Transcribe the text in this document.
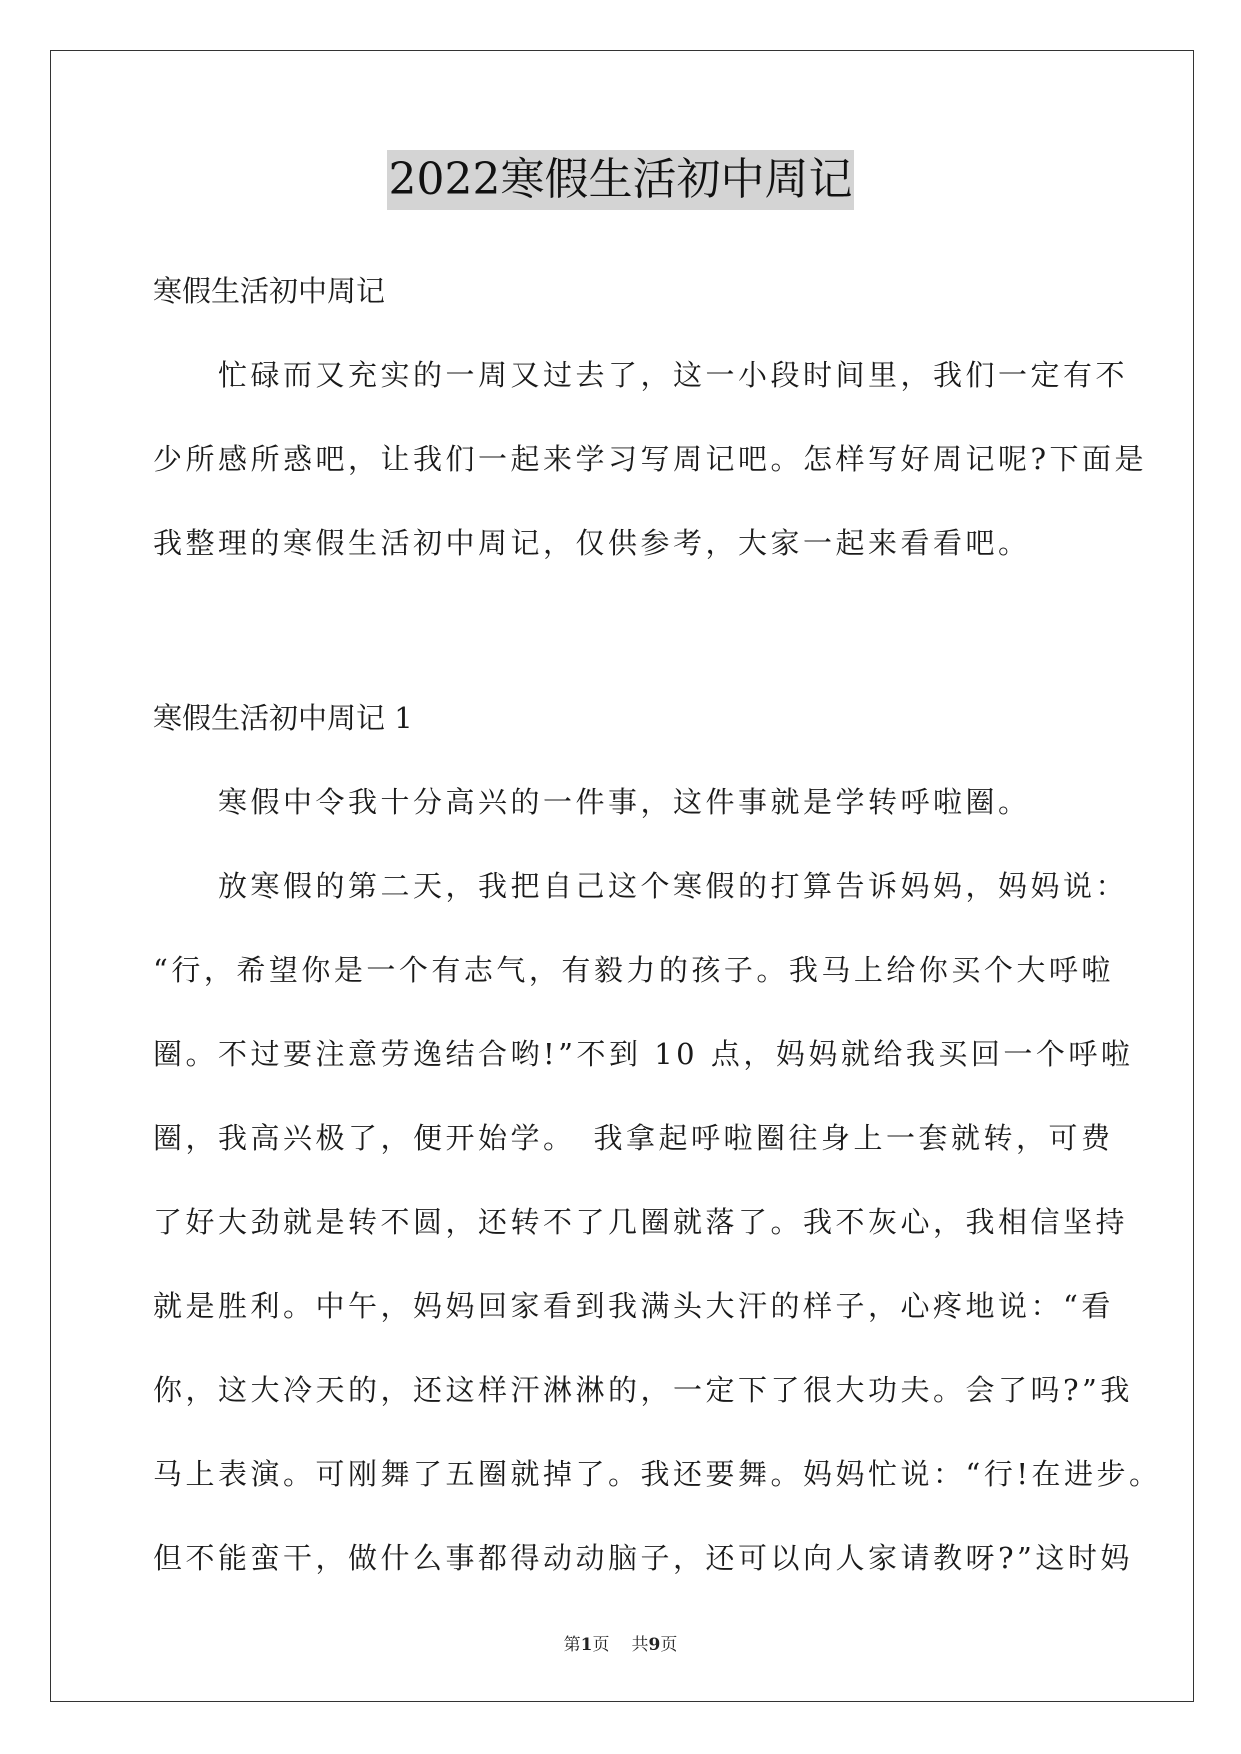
2022寒假生活初中周记
寒假生活初中周记
　　忙碌而又充实的一周又过去了，这一小段时间里，我们一定有不
少所感所惑吧，让我们一起来学习写周记吧。怎样写好周记呢?下面是
我整理的寒假生活初中周记，仅供参考，大家一起来看看吧。
寒假生活初中周记 1
　　寒假中令我十分高兴的一件事，这件事就是学转呼啦圈。
　　放寒假的第二天，我把自己这个寒假的打算告诉妈妈，妈妈说：
“行，希望你是一个有志气，有毅力的孩子。我马上给你买个大呼啦
圈。不过要注意劳逸结合哟!”不到 10 点，妈妈就给我买回一个呼啦
圈，我高兴极了，便开始学。　我拿起呼啦圈往身上一套就转，可费
了好大劲就是转不圆，还转不了几圈就落了。我不灰心，我相信坚持
就是胜利。中午，妈妈回家看到我满头大汗的样子，心疼地说：“看
你，这大冷天的，还这样汗淋淋的，一定下了很大功夫。会了吗?”我
马上表演。可刚舞了五圈就掉了。我还要舞。妈妈忙说：“行!在进步。
但不能蛮干，做什么事都得动动脑子，还可以向人家请教呀?”这时妈
第1页 共9页
